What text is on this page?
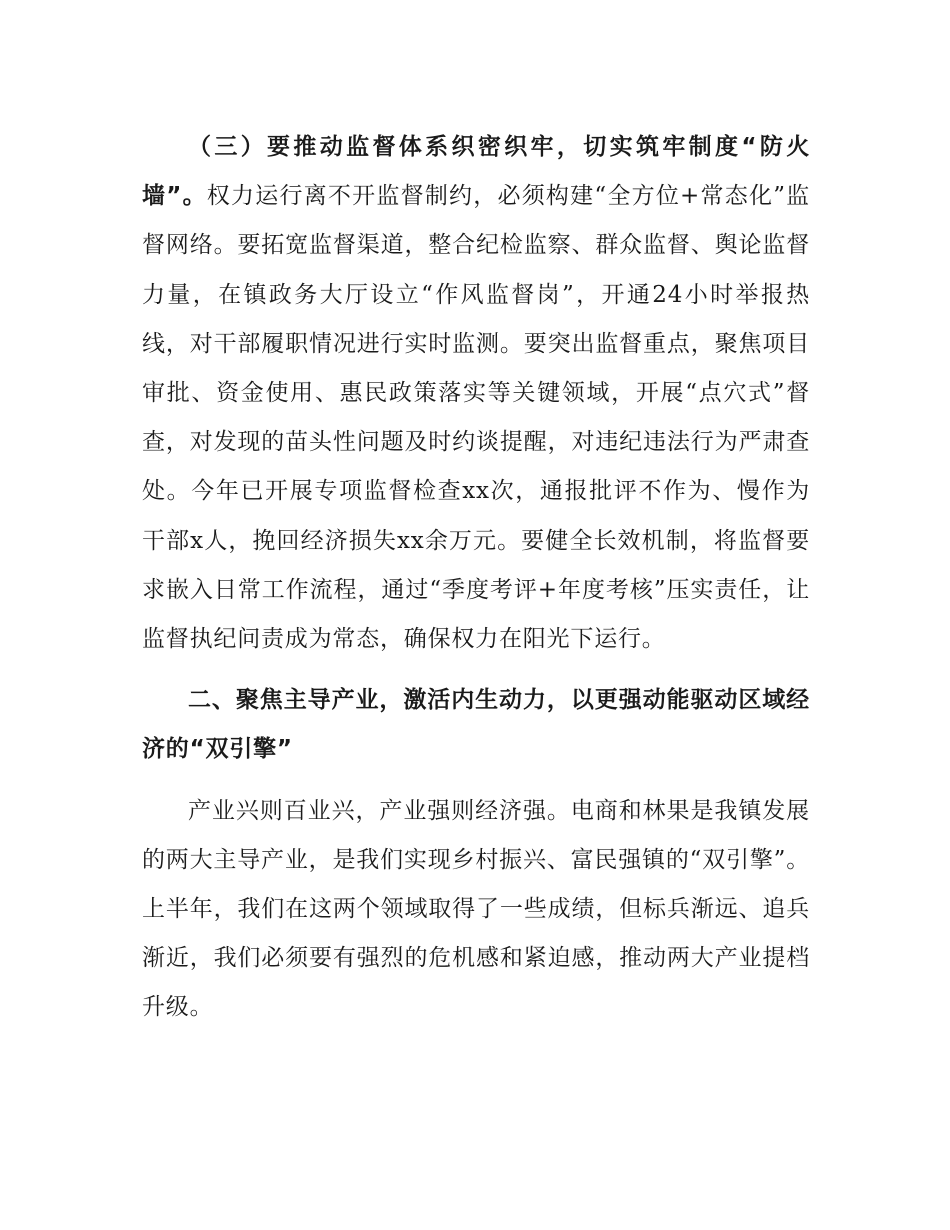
（三）要推动监督体系织密织牢，切实筑牢制度“防火墙”。权力运行离不开监督制约，必须构建“全方位+常态化”监督网络。要拓宽监督渠道，整合纪检监察、群众监督、舆论监督力量，在镇政务大厅设立“作风监督岗”，开通24小时举报热线，对干部履职情况进行实时监测。要突出监督重点，聚焦项目审批、资金使用、惠民政策落实等关键领域，开展“点穴式”督查，对发现的苗头性问题及时约谈提醒，对违纪违法行为严肃查处。今年已开展专项监督检查xx次，通报批评不作为、慢作为干部x人，挽回经济损失xx余万元。要健全长效机制，将监督要求嵌入日常工作流程，通过“季度考评+年度考核”压实责任，让监督执纪问责成为常态，确保权力在阳光下运行。

二、聚焦主导产业，激活内生动力，以更强动能驱动区域经济的“双引擎”

产业兴则百业兴，产业强则经济强。电商和林果是我镇发展的两大主导产业，是我们实现乡村振兴、富民强镇的“双引擎”。上半年，我们在这两个领域取得了一些成绩，但标兵渐远、追兵渐近，我们必须要有强烈的危机感和紧迫感，推动两大产业提档升级。
